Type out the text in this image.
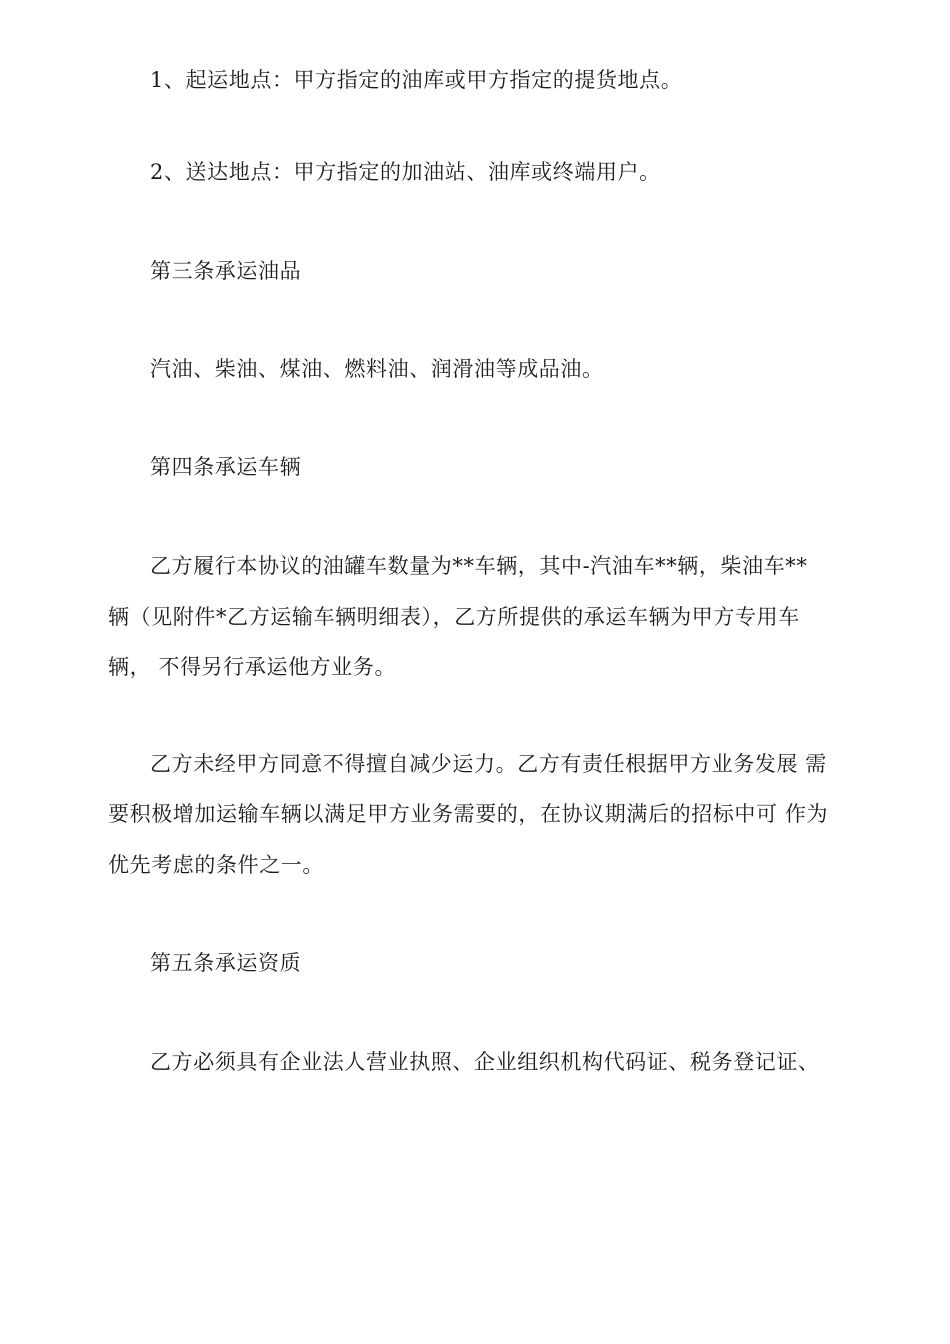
1、起运地点：甲方指定的油库或甲方指定的提货地点。
2、送达地点：甲方指定的加油站、油库或终端用户。
第三条承运油品
汽油、柴油、煤油、燃料油、润滑油等成品油。
第四条承运车辆
乙方履行本协议的油罐车数量为**车辆，其中-汽油车**辆，柴油车**
辆（见附件*乙方运输车辆明细表），乙方所提供的承运车辆为甲方专用车
辆， 不得另行承运他方业务。
乙方未经甲方同意不得擅自减少运力。乙方有责任根据甲方业务发展 需
要积极增加运输车辆以满足甲方业务需要的，在协议期满后的招标中可 作为
优先考虑的条件之一。
第五条承运资质
乙方必须具有企业法人营业执照、企业组织机构代码证、税务登记证、
